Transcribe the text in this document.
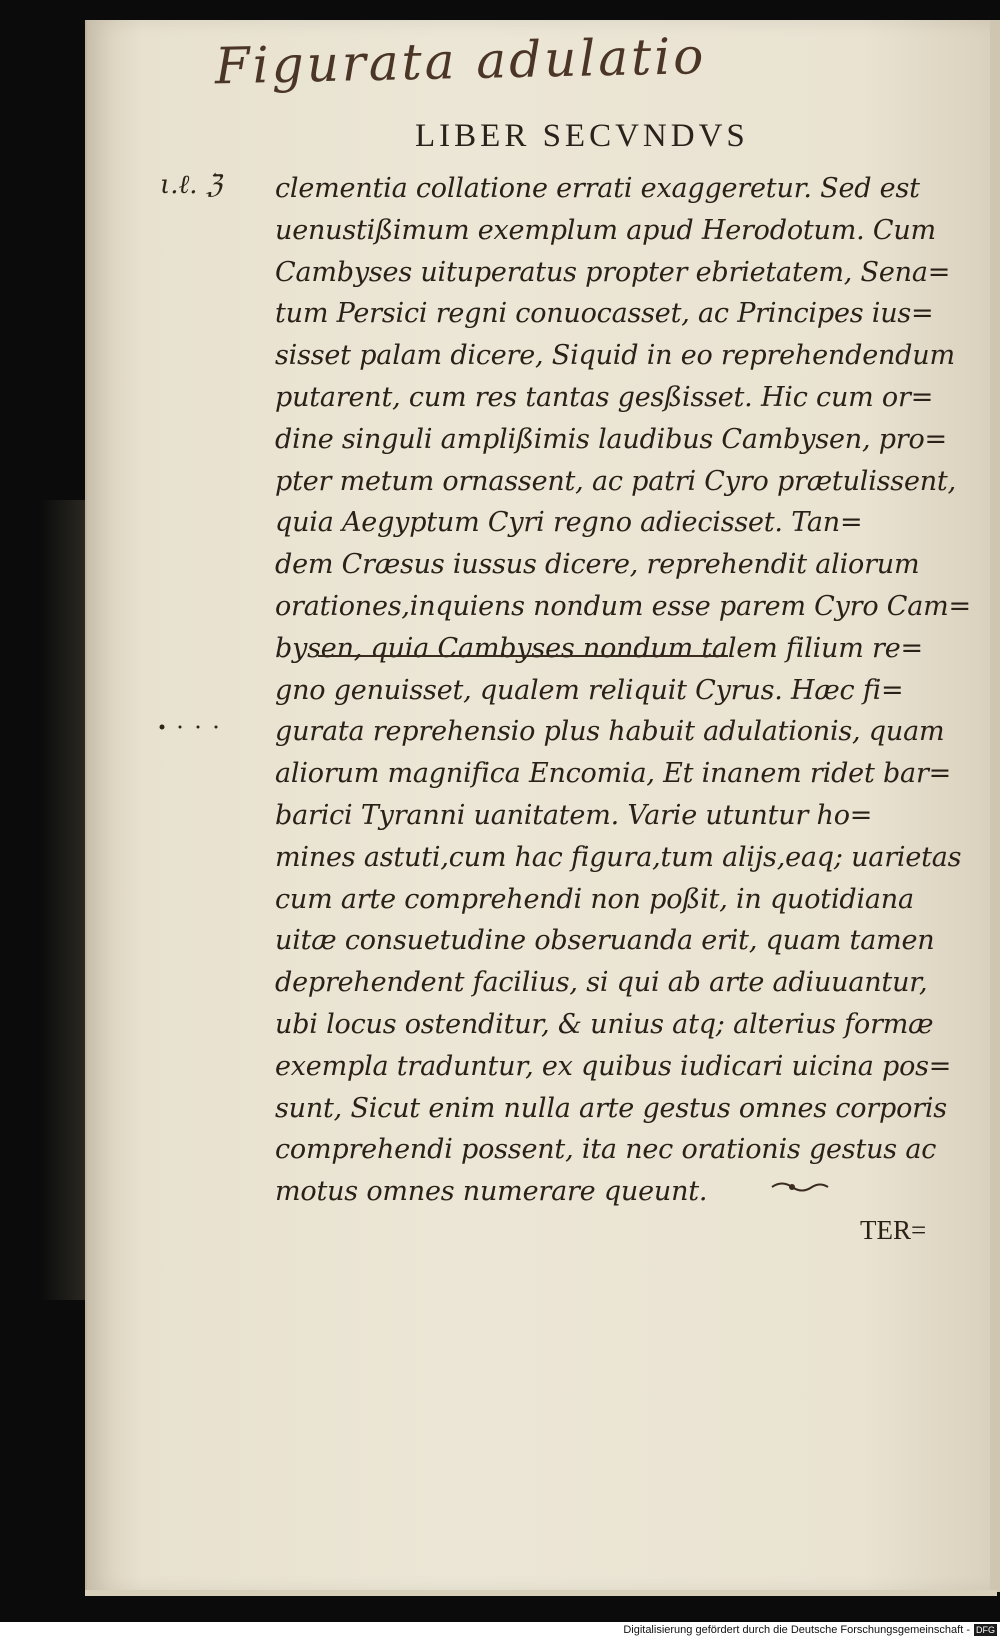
Figurata adulatio
LIBER SECVNDVS
ι.ℓ. ℨ clementia collatione errati exaggeretur. Sed est
uenustißimum exemplum apud Herodotum. Cum
Cambyses uituperatus propter ebrietatem, Sena=
tum Persici regni conuocasset, ac Principes ius=
sisset palam dicere, Siquid in eo reprehendendum
putarent, cum res tantas gesßisset. Hic cum or=
dine singuli amplißimis laudibus Cambysen, pro=
pter metum ornassent, ac patri Cyro prætulissent,
quia Aegyptum Cyri regno adiecisset. Tan=
dem Cræsus iussus dicere, reprehendit aliorum
orationes,inquiens nondum esse parem Cyro Cam=
bysen, quia Cambyses nondum talem filium re=
gno genuisset, qualem reliquit Cyrus. Hæc fi=
gurata reprehensio plus habuit adulationis, quam
aliorum magnifica Encomia, Et inanem ridet bar=
barici Tyranni uanitatem. Varie utuntur ho=
mines astuti,cum hac figura,tum alijs,eaq; uarietas
cum arte comprehendi non poßit, in quotidiana
uitæ consuetudine obseruanda erit, quam tamen
deprehendent facilius, si qui ab arte adiuuantur,
ubi locus ostenditur, & unius atq; alterius formæ
exempla traduntur, ex quibus iudicari uicina pos=
sunt, Sicut enim nulla arte gestus omnes corporis
comprehendi possent, ita nec orationis gestus ac
motus omnes numerare queunt.
TER=
Digitalisierung gefördert durch die Deutsche Forschungsgemeinschaft - DFG
